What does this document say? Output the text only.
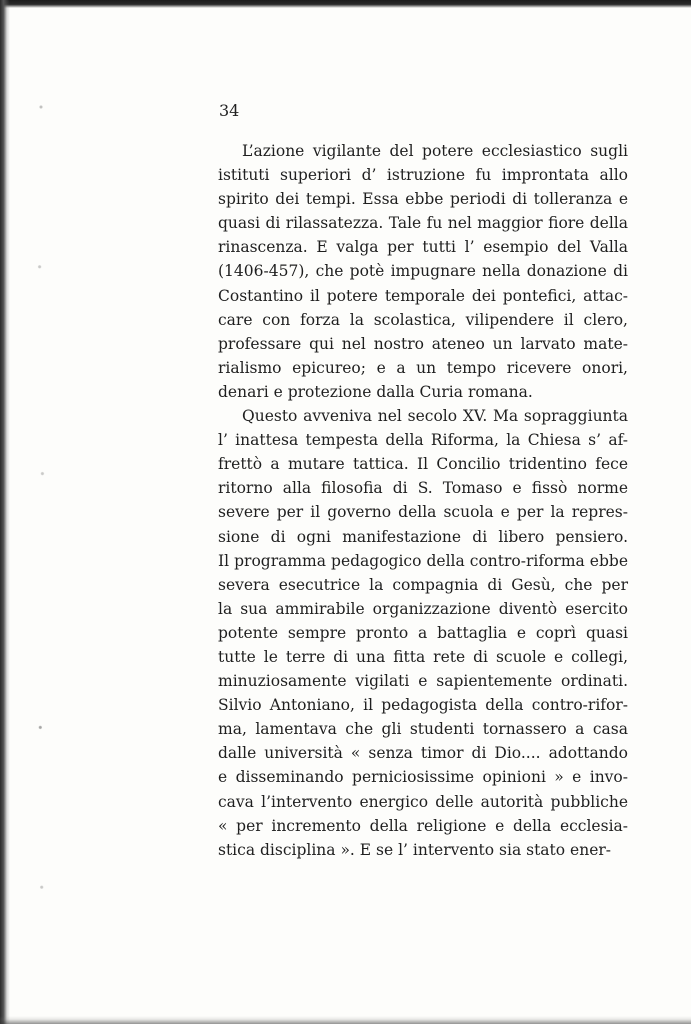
34
L’azione vigilante del potere ecclesiastico sugli
istituti superiori d’ istruzione fu improntata allo
spirito dei tempi. Essa ebbe periodi di tolleranza e
quasi di rilassatezza. Tale fu nel maggior fiore della
rinascenza. E valga per tutti l’ esempio del Valla
(1406-457), che potè impugnare nella donazione di
Costantino il potere temporale dei pontefici, attac-
care con forza la scolastica, vilipendere il clero,
professare qui nel nostro ateneo un larvato mate-
rialismo epicureo; e a un tempo ricevere onori,
denari e protezione dalla Curia romana.
Questo avveniva nel secolo XV. Ma sopraggiunta
l’ inattesa tempesta della Riforma, la Chiesa s’ af-
frettò a mutare tattica. Il Concilio tridentino fece
ritorno alla filosofia di S. Tomaso e fissò norme
severe per il governo della scuola e per la repres-
sione di ogni manifestazione di libero pensiero.
Il programma pedagogico della contro-riforma ebbe
severa esecutrice la compagnia di Gesù, che per
la sua ammirabile organizzazione diventò esercito
potente sempre pronto a battaglia e coprì quasi
tutte le terre di una fitta rete di scuole e collegi,
minuziosamente vigilati e sapientemente ordinati.
Silvio Antoniano, il pedagogista della contro-rifor-
ma, lamentava che gli studenti tornassero a casa
dalle università « senza timor di Dio.... adottando
e disseminando perniciosissime opinioni » e invo-
cava l’intervento energico delle autorità pubbliche
« per incremento della religione e della ecclesia-
stica disciplina ». E se l’ intervento sia stato ener-
